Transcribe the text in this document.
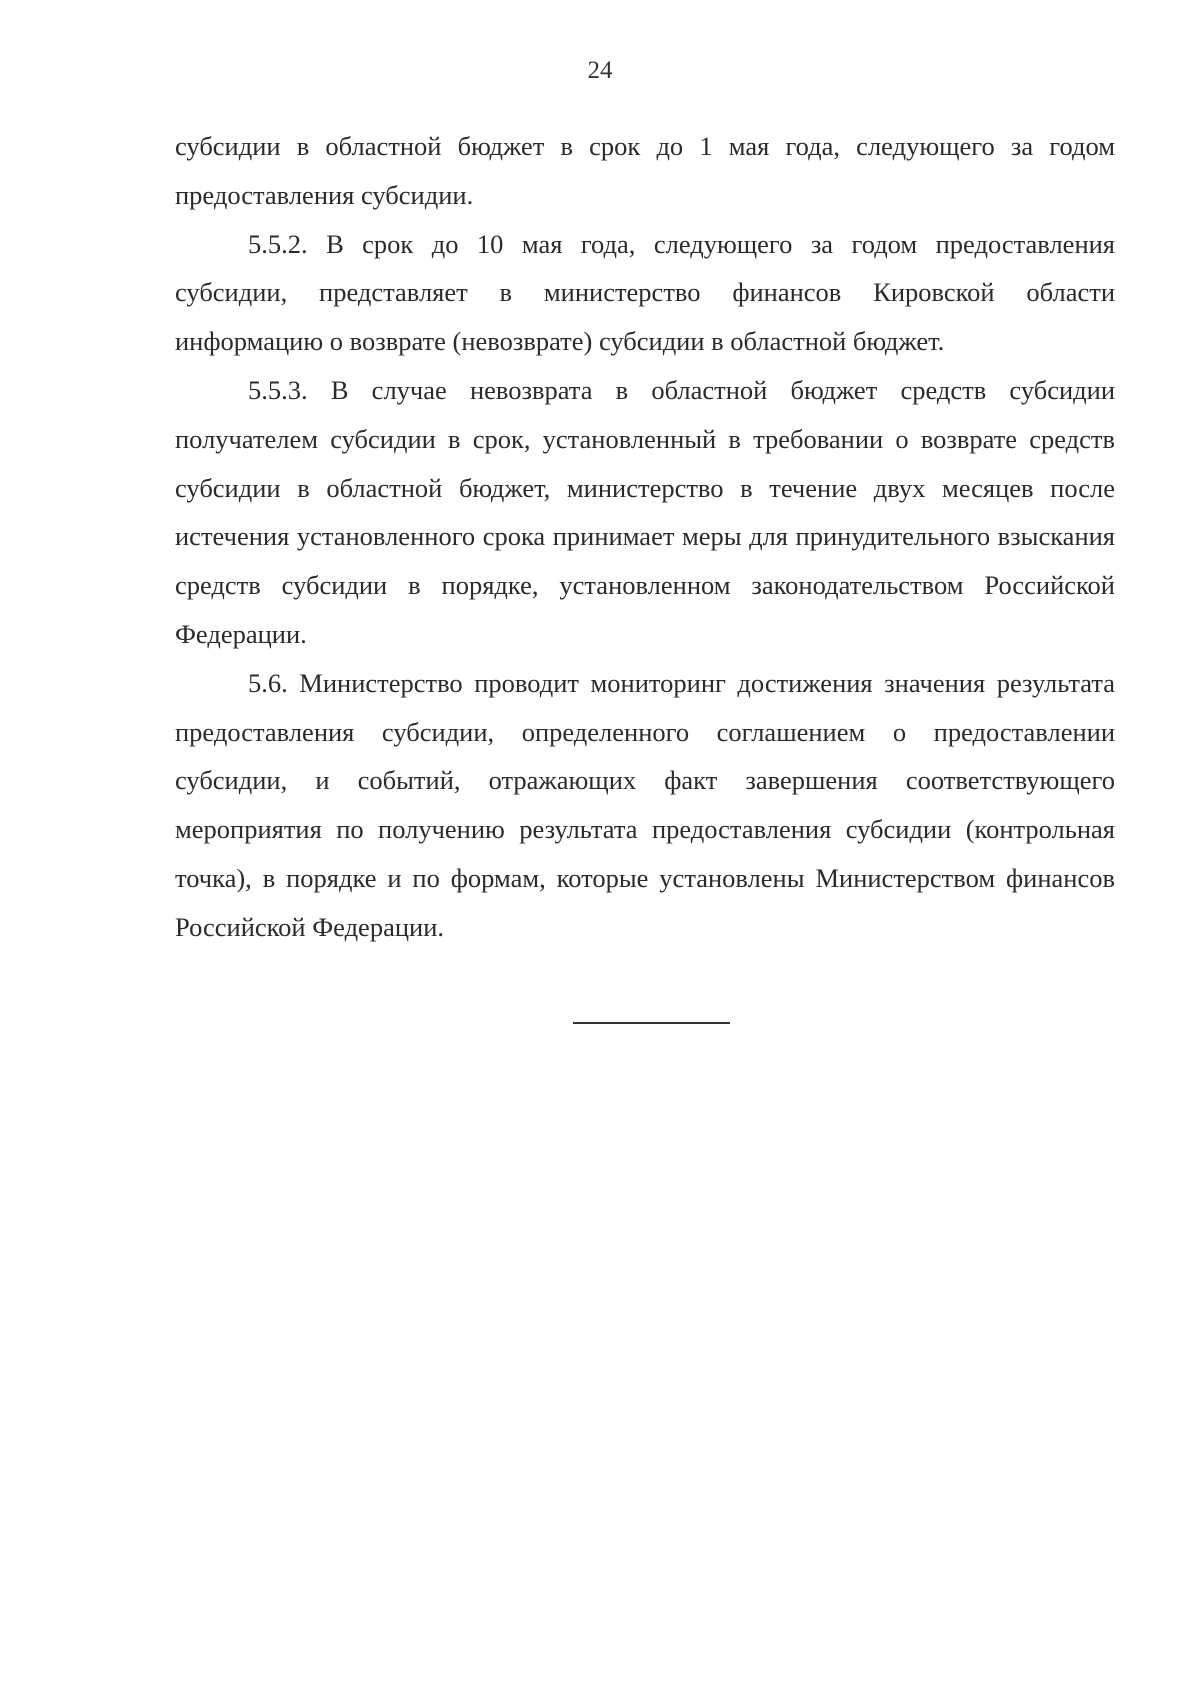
24

субсидии в областной бюджет в срок до 1 мая года, следующего за годом предоставления субсидии.

5.5.2. В срок до 10 мая года, следующего за годом предоставления субсидии, представляет в министерство финансов Кировской области информацию о возврате (невозврате) субсидии в областной бюджет.

5.5.3. В случае невозврата в областной бюджет средств субсидии получателем субсидии в срок, установленный в требовании о возврате средств субсидии в областной бюджет, министерство в течение двух месяцев после истечения установленного срока принимает меры для принудительного взыскания средств субсидии в порядке, установленном законодательством Российской Федерации.

5.6. Министерство проводит мониторинг достижения значения результата предоставления субсидии, определенного соглашением о предоставлении субсидии, и событий, отражающих факт завершения соответствующего мероприятия по получению результата предоставления субсидии (контрольная точка), в порядке и по формам, которые установлены Министерством финансов Российской Федерации.
